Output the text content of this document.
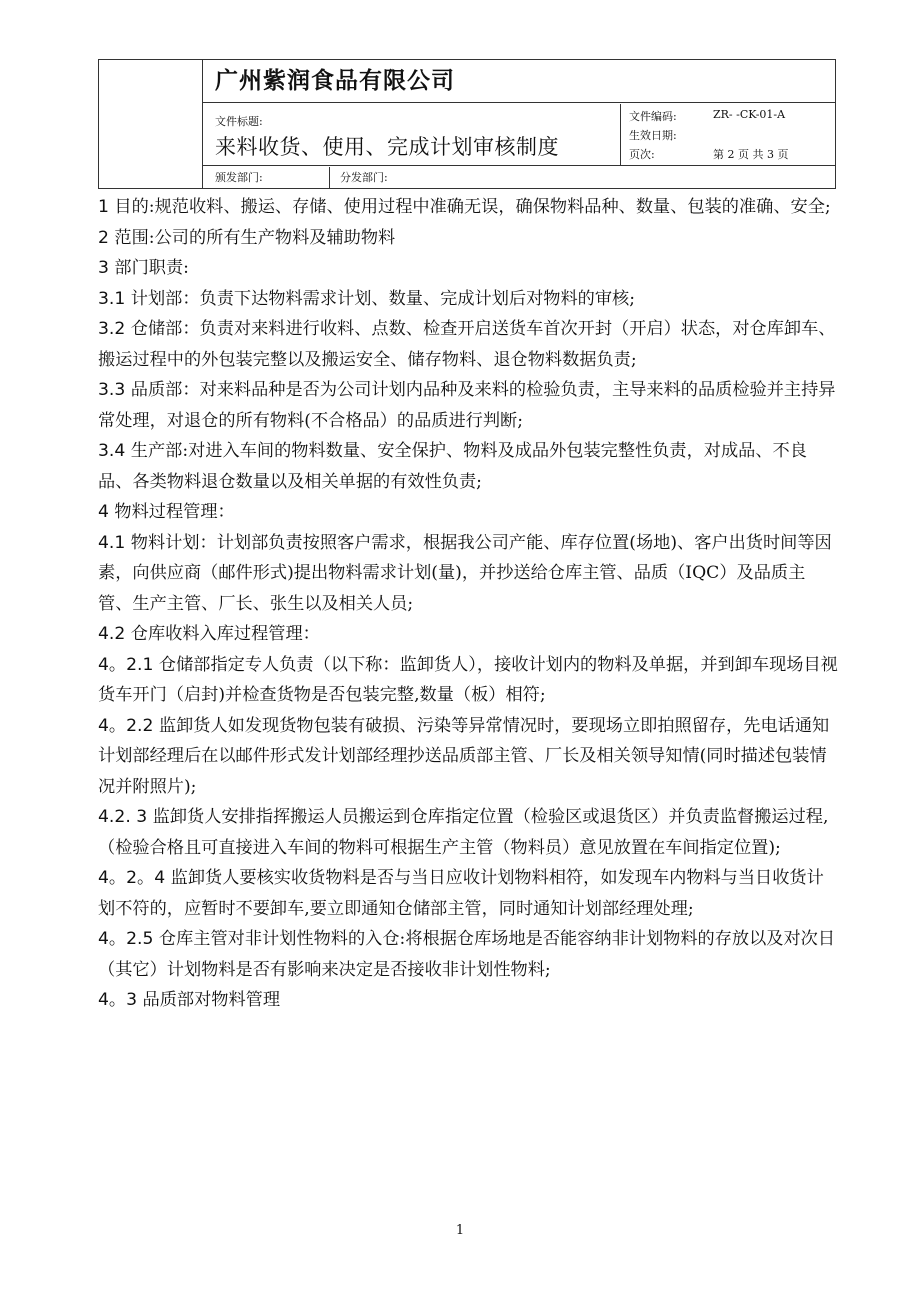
广州紫润食品有限公司
文件标题:
来料收货、使用、完成计划审核制度
文件编码:	ZR- -CK-01-A
生效日期:
页次:	第 2 页 共 3 页
颁发部门:	分发部门:

1 目的:规范收料、搬运、存储、使用过程中准确无误，确保物料品种、数量、包装的准确、安全;

2 范围:公司的所有生产物料及辅助物料

3 部门职责:

3.1 计划部：负责下达物料需求计划、数量、完成计划后对物料的审核;

3.2 仓储部：负责对来料进行收料、点数、检查开启送货车首次开封（开启）状态，对仓库卸车、搬运过程中的外包装完整以及搬运安全、储存物料、退仓物料数据负责;

3.3 品质部：对来料品种是否为公司计划内品种及来料的检验负责，主导来料的品质检验并主持异常处理，对退仓的所有物料(不合格品）的品质进行判断;

3.4 生产部:对进入车间的物料数量、安全保护、物料及成品外包装完整性负责，对成品、不良品、各类物料退仓数量以及相关单据的有效性负责;

4 物料过程管理：

4.1 物料计划：计划部负责按照客户需求，根据我公司产能、库存位置(场地)、客户出货时间等因素，向供应商（邮件形式)提出物料需求计划(量)，并抄送给仓库主管、品质（IQC）及品质主管、生产主管、厂长、张生以及相关人员;

4.2 仓库收料入库过程管理：

4。2.1 仓储部指定专人负责（以下称：监卸货人），接收计划内的物料及单据，并到卸车现场目视货车开门（启封)并检查货物是否包装完整,数量（板）相符;

4。2.2 监卸货人如发现货物包装有破损、污染等异常情况时，要现场立即拍照留存，先电话通知计划部经理后在以邮件形式发计划部经理抄送品质部主管、厂长及相关领导知情(同时描述包装情况并附照片);

4.2. 3 监卸货人安排指挥搬运人员搬运到仓库指定位置（检验区或退货区）并负责监督搬运过程,（检验合格且可直接进入车间的物料可根据生产主管（物料员）意见放置在车间指定位置);

4。2。4 监卸货人要核实收货物料是否与当日应收计划物料相符，如发现车内物料与当日收货计划不符的，应暂时不要卸车,要立即通知仓储部主管，同时通知计划部经理处理;

4。2.5 仓库主管对非计划性物料的入仓:将根据仓库场地是否能容纳非计划物料的存放以及对次日（其它）计划物料是否有影响来决定是否接收非计划性物料;

4。3 品质部对物料管理

1
